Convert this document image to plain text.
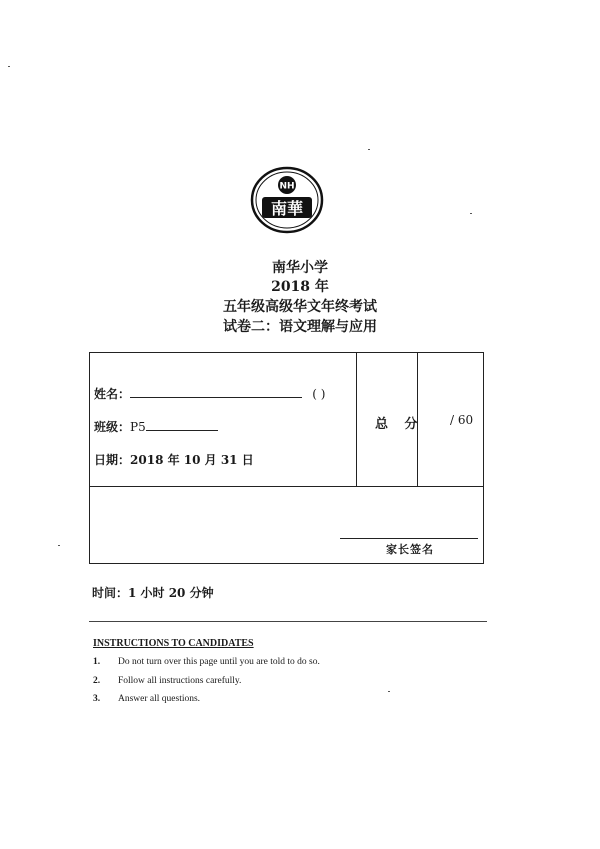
NH
南華
南华小学
2018 年
五年级高级华文年终考试
试卷二：语文理解与应用
姓名：	( )
班级：P5
日期：2018 年 10 月 31 日
总 分 / 60
家长签名
时间：1 小时 20 分钟
INSTRUCTIONS TO CANDIDATES
1. Do not turn over this page until you are told to do so.
2. Follow all instructions carefully.
3. Answer all questions.
